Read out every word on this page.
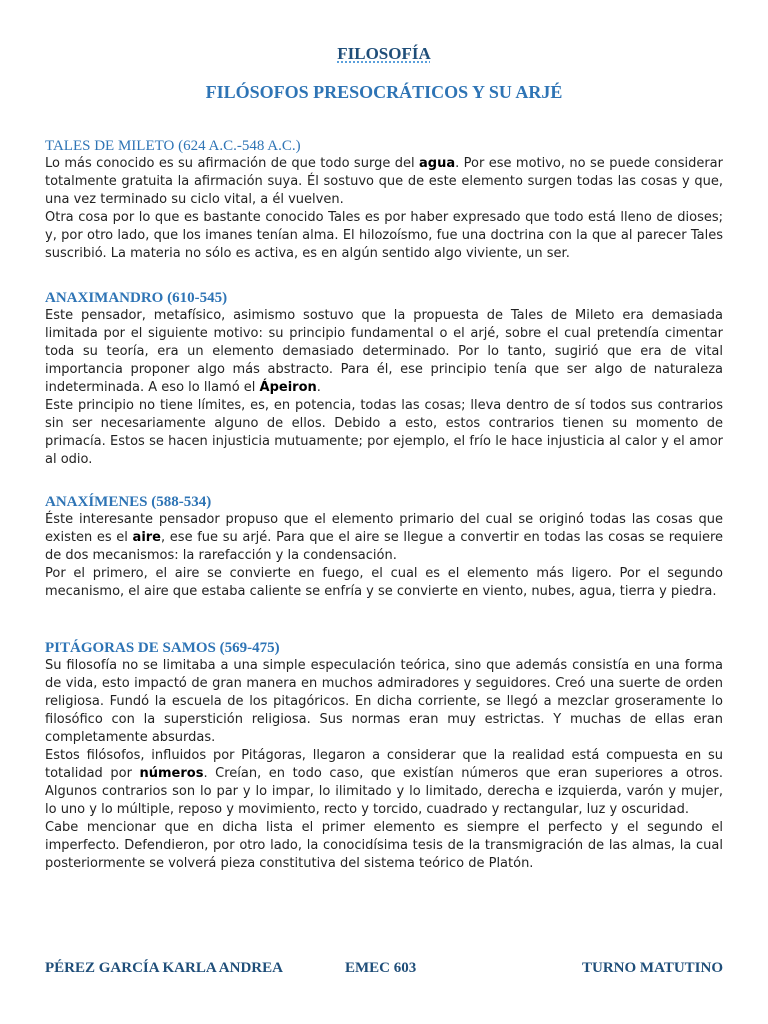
FILOSOFÍA
FILÓSOFOS PRESOCRÁTICOS Y SU ARJÉ
TALES DE MILETO (624 A.C.-548 A.C.)

Lo más conocido es su afirmación de que todo surge del agua. Por ese motivo, no se puede considerar totalmente gratuita la afirmación suya. Él sostuvo que de este elemento surgen todas las cosas y que, una vez terminado su ciclo vital, a él vuelven.

Otra cosa por lo que es bastante conocido Tales es por haber expresado que todo está lleno de dioses; y, por otro lado, que los imanes tenían alma. El hilozoísmo, fue una doctrina con la que al parecer Tales suscribió. La materia no sólo es activa, es en algún sentido algo viviente, un ser.

ANAXIMANDRO (610-545)

Este pensador, metafísico, asimismo sostuvo que la propuesta de Tales de Mileto era demasiada limitada por el siguiente motivo: su principio fundamental o el arjé, sobre el cual pretendía cimentar toda su teoría, era un elemento demasiado determinado. Por lo tanto, sugirió que era de vital importancia proponer algo más abstracto. Para él, ese principio tenía que ser algo de naturaleza indeterminada. A eso lo llamó el Ápeiron.

Este principio no tiene límites, es, en potencia, todas las cosas; lleva dentro de sí todos sus contrarios sin ser necesariamente alguno de ellos. Debido a esto, estos contrarios tienen su momento de primacía. Estos se hacen injusticia mutuamente; por ejemplo, el frío le hace injusticia al calor y el amor al odio.

ANAXÍMENES (588-534)

Éste interesante pensador propuso que el elemento primario del cual se originó todas las cosas que existen es el aire, ese fue su arjé. Para que el aire se llegue a convertir en todas las cosas se requiere de dos mecanismos: la rarefacción y la condensación.

Por el primero, el aire se convierte en fuego, el cual es el elemento más ligero. Por el segundo mecanismo, el aire que estaba caliente se enfría y se convierte en viento, nubes, agua, tierra y piedra.

PITÁGORAS DE SAMOS (569-475)

Su filosofía no se limitaba a una simple especulación teórica, sino que además consistía en una forma de vida, esto impactó de gran manera en muchos admiradores y seguidores. Creó una suerte de orden religiosa. Fundó la escuela de los pitagóricos. En dicha corriente, se llegó a mezclar groseramente lo filosófico con la superstición religiosa. Sus normas eran muy estrictas. Y muchas de ellas eran completamente absurdas.

Estos filósofos, influidos por Pitágoras, llegaron a considerar que la realidad está compuesta en su totalidad por números. Creían, en todo caso, que existían números que eran superiores a otros. Algunos contrarios son lo par y lo impar, lo ilimitado y lo limitado, derecha e izquierda, varón y mujer, lo uno y lo múltiple, reposo y movimiento, recto y torcido, cuadrado y rectangular, luz y oscuridad.

Cabe mencionar que en dicha lista el primer elemento es siempre el perfecto y el segundo el imperfecto. Defendieron, por otro lado, la conocidísima tesis de la transmigración de las almas, la cual posteriormente se volverá pieza constitutiva del sistema teórico de Platón.

PÉREZ GARCÍA KARLA ANDREA	EMEC 603	TURNO MATUTINO
